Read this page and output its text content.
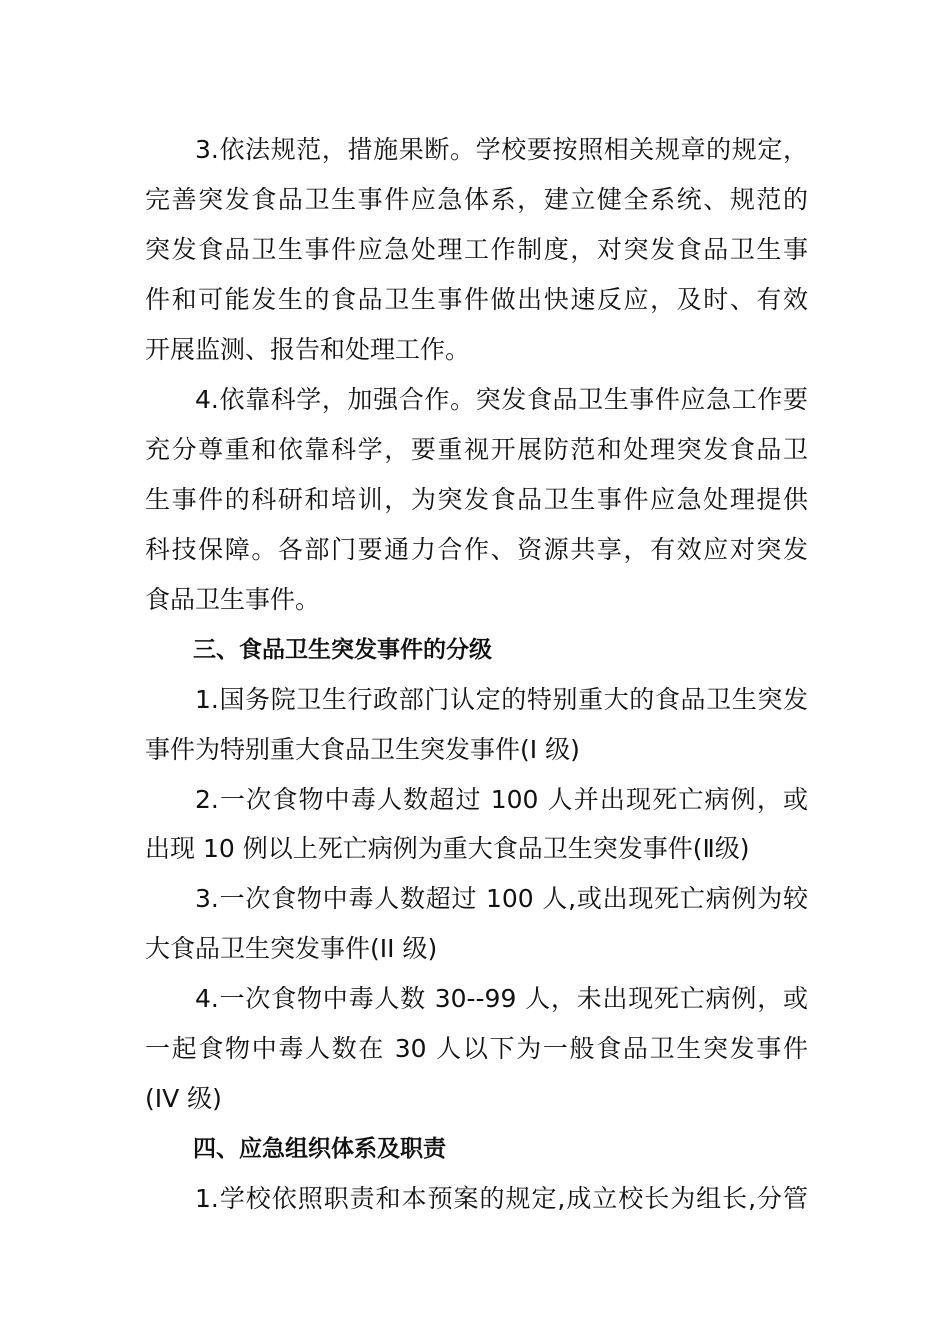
3.依法规范，措施果断。学校要按照相关规章的规定，
完善突发食品卫生事件应急体系，建立健全系统、规范的
突发食品卫生事件应急处理工作制度，对突发食品卫生事
件和可能发生的食品卫生事件做出快速反应，及时、有效
开展监测、报告和处理工作。
4.依靠科学，加强合作。突发食品卫生事件应急工作要
充分尊重和依靠科学，要重视开展防范和处理突发食品卫
生事件的科研和培训，为突发食品卫生事件应急处理提供
科技保障。各部门要通力合作、资源共享，有效应对突发
食品卫生事件。
三、食品卫生突发事件的分级
1.国务院卫生行政部门认定的特别重大的食品卫生突发
事件为特别重大食品卫生突发事件(I 级)
2.一次食物中毒人数超过 100 人并出现死亡病例，或
出现 10 例以上死亡病例为重大食品卫生突发事件(Ⅱ级)
3.一次食物中毒人数超过 100 人,或出现死亡病例为较
大食品卫生突发事件(II 级)
4.一次食物中毒人数 30--99 人，未出现死亡病例，或
一起食物中毒人数在 30 人以下为一般食品卫生突发事件
(IV 级)
四、应急组织体系及职责
1.学校依照职责和本预案的规定,成立校长为组长,分管
